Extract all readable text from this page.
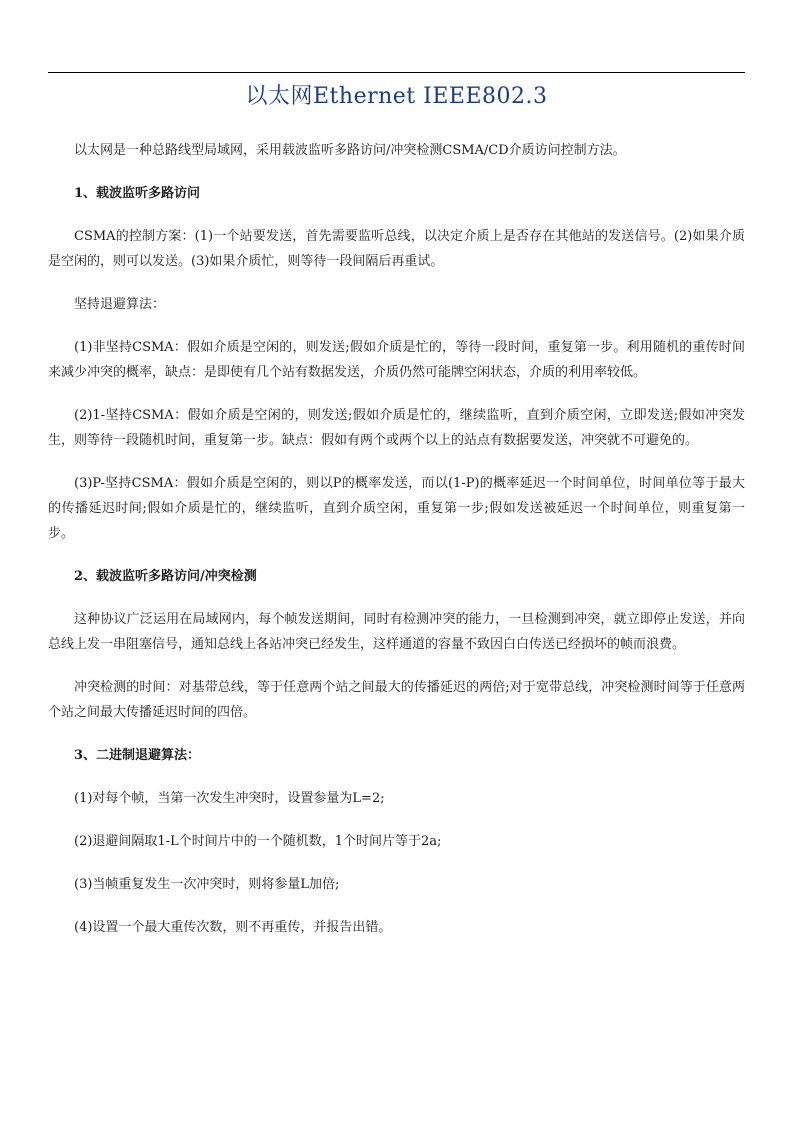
以太网Ethernet IEEE802.3

以太网是一种总路线型局域网，采用载波监听多路访问/冲突检测CSMA/CD介质访问控制方法。

1、载波监听多路访问

CSMA的控制方案：(1)一个站要发送，首先需要监听总线，以决定介质上是否存在其他站的发送信号。(2)如果介质是空闲的，则可以发送。(3)如果介质忙，则等待一段间隔后再重试。

坚持退避算法：

(1)非坚持CSMA：假如介质是空闲的，则发送;假如介质是忙的，等待一段时间，重复第一步。利用随机的重传时间来减少冲突的概率，缺点：是即使有几个站有数据发送，介质仍然可能牌空闲状态，介质的利用率较低。

(2)1-坚持CSMA：假如介质是空闲的，则发送;假如介质是忙的，继续监听，直到介质空闲，立即发送;假如冲突发生，则等待一段随机时间，重复第一步。缺点：假如有两个或两个以上的站点有数据要发送，冲突就不可避免的。

(3)P-坚持CSMA：假如介质是空闲的，则以P的概率发送，而以(1-P)的概率延迟一个时间单位，时间单位等于最大的传播延迟时间;假如介质是忙的，继续监听，直到介质空闲，重复第一步;假如发送被延迟一个时间单位，则重复第一步。

2、载波监听多路访问/冲突检测

这种协议广泛运用在局域网内，每个帧发送期间，同时有检测冲突的能力，一旦检测到冲突，就立即停止发送，并向总线上发一串阻塞信号，通知总线上各站冲突已经发生，这样通道的容量不致因白白传送已经损坏的帧而浪费。

冲突检测的时间：对基带总线，等于任意两个站之间最大的传播延迟的两倍;对于宽带总线，冲突检测时间等于任意两个站之间最大传播延迟时间的四倍。

3、二进制退避算法：

(1)对每个帧，当第一次发生冲突时，设置参量为L=2;

(2)退避间隔取1-L个时间片中的一个随机数，1个时间片等于2a;

(3)当帧重复发生一次冲突时，则将参量L加倍;

(4)设置一个最大重传次数，则不再重传，并报告出错。
